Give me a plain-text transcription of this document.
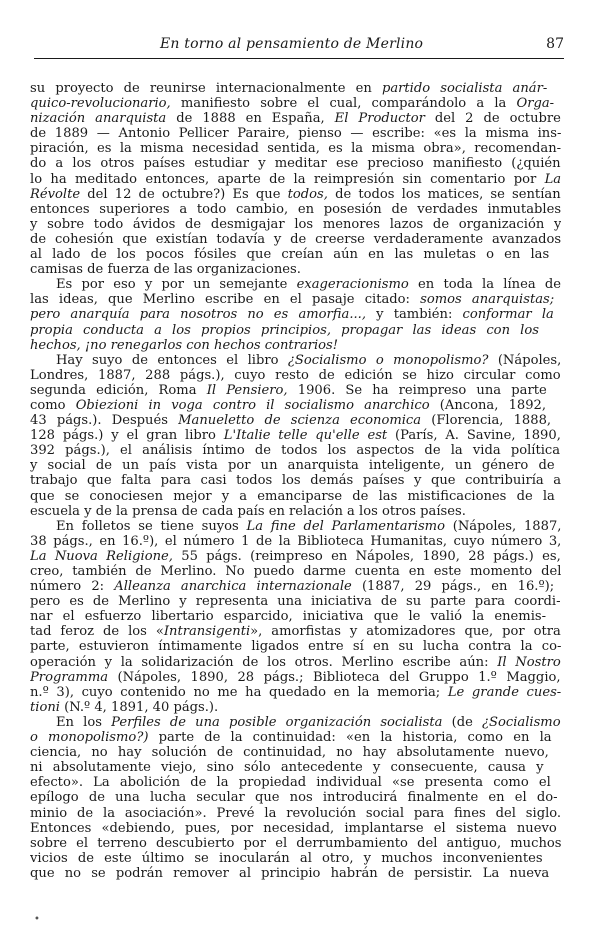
En torno al pensamiento de Merlino	87
su proyecto de reunirse internacionalmente en partido socialista anár-
quico-revolucionario, manifiesto sobre el cual, comparándolo a la Orga-
nización anarquista de 1888 en España, El Productor del 2 de octubre
de 1889 — Antonio Pellicer Paraire, pienso — escribe: «es la misma ins-
piración, es la misma necesidad sentida, es la misma obra», recomendan-
do a los otros países estudiar y meditar ese precioso manifiesto (¿quién
lo ha meditado entonces, aparte de la reimpresión sin comentario por La
Révolte del 12 de octubre?) Es que todos, de todos los matices, se sentían
entonces superiores a todo cambio, en posesión de verdades inmutables
y sobre todo ávidos de desmigajar los menores lazos de organización y
de cohesión que existían todavía y de creerse verdaderamente avanzados
al lado de los pocos fósiles que creían aún en las muletas o en las
camisas de fuerza de las organizaciones.
Es por eso y por un semejante exageracionismo en toda la línea de
las ideas, que Merlino escribe en el pasaje citado: somos anarquistas;
pero anarquía para nosotros no es amorfia..., y también: conformar la
propia conducta a los propios principios, propagar las ideas con los
hechos, ¡no renegarlos con hechos contrarios!
Hay suyo de entonces el libro ¿Socialismo o monopolismo? (Nápoles,
Londres, 1887, 288 págs.), cuyo resto de edición se hizo circular como
segunda edición, Roma Il Pensiero, 1906. Se ha reimpreso una parte
como Obiezioni in voga contro il socialismo anarchico (Ancona, 1892,
43 págs.). Después Manueletto de scienza economica (Florencia, 1888,
128 págs.) y el gran libro L'Italie telle qu'elle est (París, A. Savine, 1890,
392 págs.), el análisis íntimo de todos los aspectos de la vida política
y social de un país vista por un anarquista inteligente, un género de
trabajo que falta para casi todos los demás países y que contribuiría a
que se conociesen mejor y a emanciparse de las mistificaciones de la
escuela y de la prensa de cada país en relación a los otros países.
En folletos se tiene suyos La fine del Parlamentarismo (Nápoles, 1887,
38 págs., en 16.º), el número 1 de la Biblioteca Humanitas, cuyo número 3,
La Nuova Religione, 55 págs. (reimpreso en Nápoles, 1890, 28 págs.) es,
creo, también de Merlino. No puedo darme cuenta en este momento del
número 2: Alleanza anarchica internazionale (1887, 29 págs., en 16.º);
pero es de Merlino y representa una iniciativa de su parte para coordi-
nar el esfuerzo libertario esparcido, iniciativa que le valió la enemis-
tad feroz de los «Intransigenti», amorfistas y atomizadores que, por otra
parte, estuvieron íntimamente ligados entre sí en su lucha contra la co-
operación y la solidarización de los otros. Merlino escribe aún: Il Nostro
Programma (Nápoles, 1890, 28 págs.; Biblioteca del Gruppo 1.º Maggio,
n.º 3), cuyo contenido no me ha quedado en la memoria; Le grande cues-
tioni (N.º 4, 1891, 40 págs.).
En los Perfiles de una posible organización socialista (de ¿Socialismo
o monopolismo?) parte de la continuidad: «en la historia, como en la
ciencia, no hay solución de continuidad, no hay absolutamente nuevo,
ni absolutamente viejo, sino sólo antecedente y consecuente, causa y
efecto». La abolición de la propiedad individual «se presenta como el
epílogo de una lucha secular que nos introducirá finalmente en el do-
minio de la asociación». Prevé la revolución social para fines del siglo.
Entonces «debiendo, pues, por necesidad, implantarse el sistema nuevo
sobre el terreno descubierto por el derrumbamiento del antiguo, muchos
vicios de este último se inocularán al otro, y muchos inconvenientes
que no se podrán remover al principio habrán de persistir. La nueva
•
